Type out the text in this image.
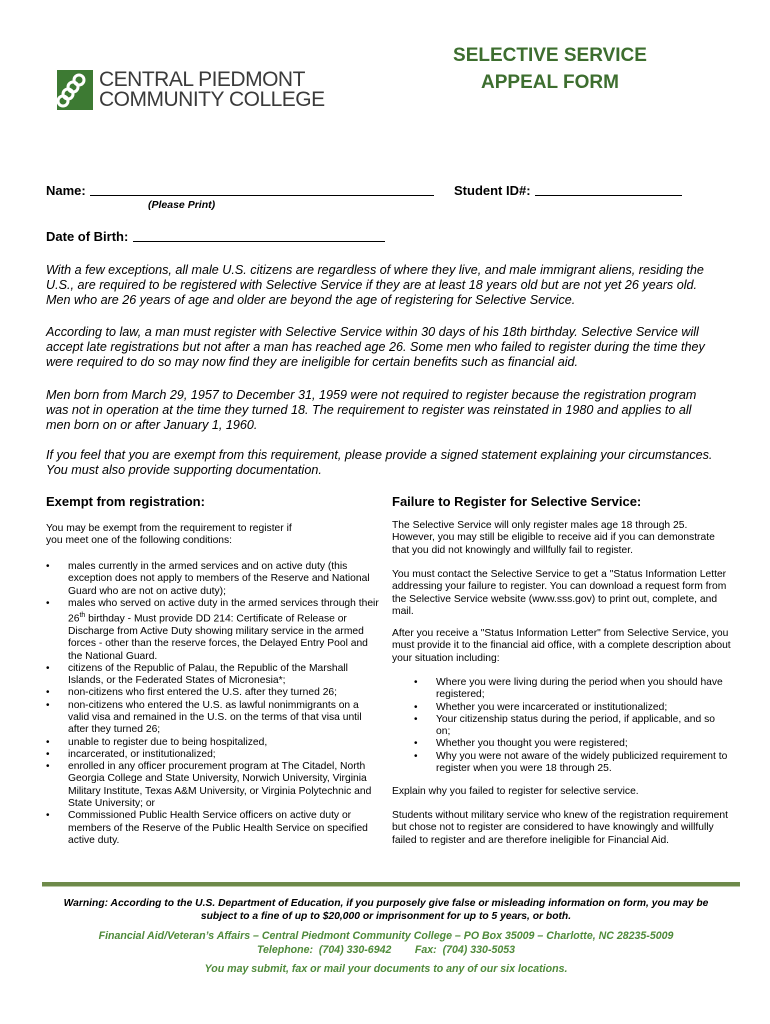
CENTRAL PIEDMONT
COMMUNITY COLLEGE
SELECTIVE SERVICE
APPEAL FORM
Name:
(Please Print)
Student ID#:
Date of Birth:

With a few exceptions, all male U.S. citizens are regardless of where they live, and male immigrant aliens, residing the U.S., are required to be registered with Selective Service if they are at least 18 years old but are not yet 26 years old. Men who are 26 years of age and older are beyond the age of registering for Selective Service.

According to law, a man must register with Selective Service within 30 days of his 18th birthday. Selective Service will accept late registrations but not after a man has reached age 26. Some men who failed to register during the time they were required to do so may now find they are ineligible for certain benefits such as financial aid.

Men born from March 29, 1957 to December 31, 1959 were not required to register because the registration program was not in operation at the time they turned 18. The requirement to register was reinstated in 1980 and applies to all men born on or after January 1, 1960.

If you feel that you are exempt from this requirement, please provide a signed statement explaining your circumstances. You must also provide supporting documentation.

Exempt from registration:

You may be exempt from the requirement to register if you meet one of the following conditions:

• males currently in the armed services and on active duty (this exception does not apply to members of the Reserve and National Guard who are not on active duty);
• males who served on active duty in the armed services through their 26th birthday - Must provide DD 214: Certificate of Release or Discharge from Active Duty showing military service in the armed forces - other than the reserve forces, the Delayed Entry Pool and the National Guard.
• citizens of the Republic of Palau, the Republic of the Marshall Islands, or the Federated States of Micronesia*;
• non-citizens who first entered the U.S. after they turned 26;
• non-citizens who entered the U.S. as lawful nonimmigrants on a valid visa and remained in the U.S. on the terms of that visa until after they turned 26;
• unable to register due to being hospitalized,
• incarcerated, or institutionalized;
• enrolled in any officer procurement program at The Citadel, North Georgia College and State University, Norwich University, Virginia Military Institute, Texas A&M University, or Virginia Polytechnic and State University; or
• Commissioned Public Health Service officers on active duty or members of the Reserve of the Public Health Service on specified active duty.
Failure to Register for Selective Service:

The Selective Service will only register males age 18 through 25. However, you may still be eligible to receive aid if you can demonstrate that you did not knowingly and willfully fail to register.

You must contact the Selective Service to get a "Status Information Letter addressing your failure to register. You can download a request form from the Selective Service website (www.sss.gov) to print out, complete, and mail.

After you receive a "Status Information Letter" from Selective Service, you must provide it to the financial aid office, with a complete description about your situation including:

• Where you were living during the period when you should have registered;
• Whether you were incarcerated or institutionalized;
• Your citizenship status during the period, if applicable, and so on;
• Whether you thought you were registered;
• Why you were not aware of the widely publicized requirement to register when you were 18 through 25.

Explain why you failed to register for selective service.

Students without military service who knew of the registration requirement but chose not to register are considered to have knowingly and willfully failed to register and are therefore ineligible for Financial Aid.

Warning: According to the U.S. Department of Education, if you purposely give false or misleading information on form, you may be subject to a fine of up to $20,000 or imprisonment for up to 5 years, or both.

Financial Aid/Veteran’s Affairs – Central Piedmont Community College – PO Box 35009 – Charlotte, NC 28235-5009
Telephone:  (704) 330-6942        Fax:  (704) 330-5053
You may submit, fax or mail your documents to any of our six locations.
